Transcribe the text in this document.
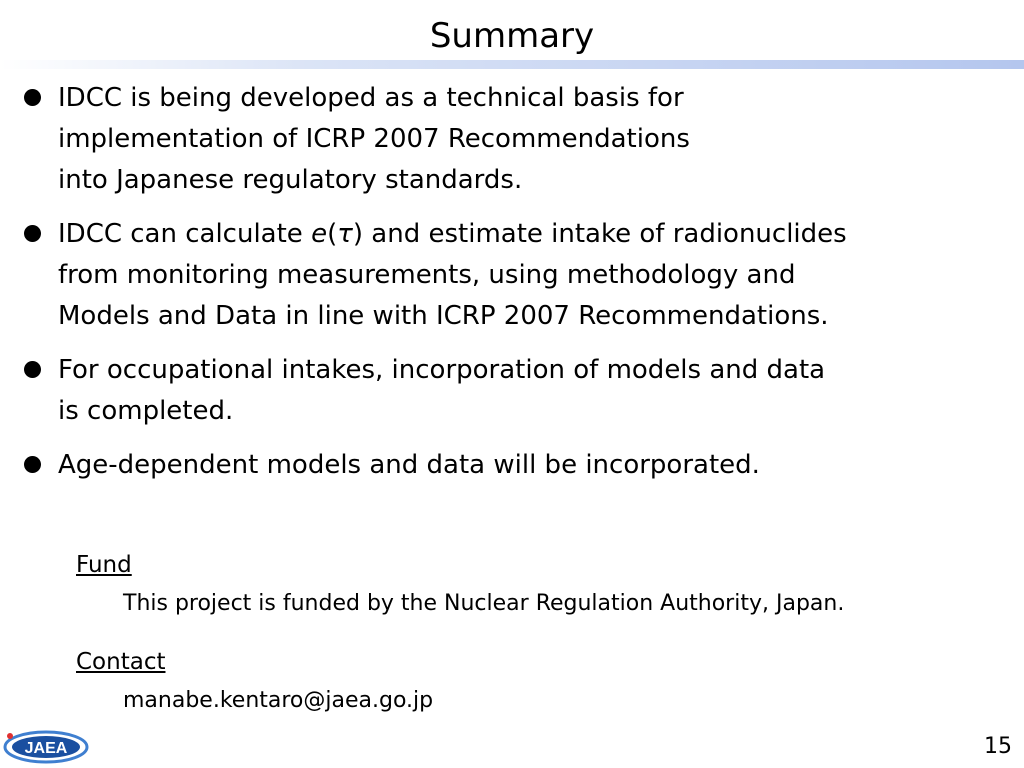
Summary
IDCC is being developed as a technical basis for
implementation of ICRP 2007 Recommendations
into Japanese regulatory standards.
IDCC can calculate e(τ) and estimate intake of radionuclides
from monitoring measurements, using methodology and
Models and Data in line with ICRP 2007 Recommendations.
For occupational intakes, incorporation of models and data
is completed.
Age-dependent models and data will be incorporated.
Fund
This project is funded by the Nuclear Regulation Authority, Japan.
Contact
manabe.kentaro@jaea.go.jp
JAEA	15
